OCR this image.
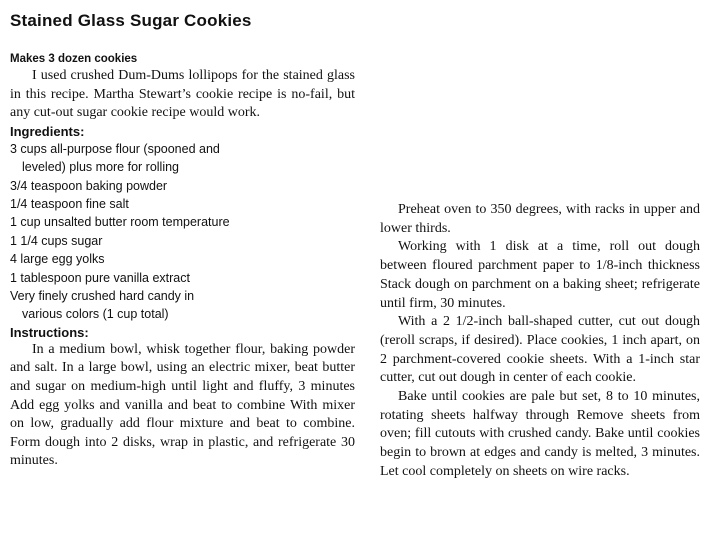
Stained Glass Sugar Cookies
Makes 3 dozen cookies

I used crushed Dum-Dums lollipops for the stained glass in this recipe. Martha Stewart’s cookie recipe is no-fail, but any cut-out sugar cookie recipe would work.

Ingredients:
3 cups all-purpose flour (spooned and
leveled) plus more for rolling
3/4 teaspoon baking powder
1/4 teaspoon fine salt
1 cup unsalted butter room temperature
1 1/4 cups sugar
4 large egg yolks
1 tablespoon pure vanilla extract
Very finely crushed hard candy in
various colors (1 cup total)
Instructions:

In a medium bowl, whisk together flour, baking powder and salt. In a large bowl, using an electric mixer, beat butter and sugar on medium-high until light and fluffy, 3 minutes Add egg yolks and vanilla and beat to combine With mixer on low, gradually add flour mixture and beat to combine. Form dough into 2 disks, wrap in plastic, and refrigerate 30 minutes.

Preheat oven to 350 degrees, with racks in upper and lower thirds.

Working with 1 disk at a time, roll out dough between floured parchment paper to 1/8-inch thickness Stack dough on parchment on a baking sheet; refrigerate until firm, 30 minutes.

With a 2 1/2-inch ball-shaped cutter, cut out dough (reroll scraps, if desired). Place cookies, 1 inch apart, on 2 parchment-covered cookie sheets. With a 1-inch star cutter, cut out dough in center of each cookie.

Bake until cookies are pale but set, 8 to 10 minutes, rotating sheets halfway through Remove sheets from oven; fill cutouts with crushed candy. Bake until cookies begin to brown at edges and candy is melted, 3 minutes. Let cool completely on sheets on wire racks.
